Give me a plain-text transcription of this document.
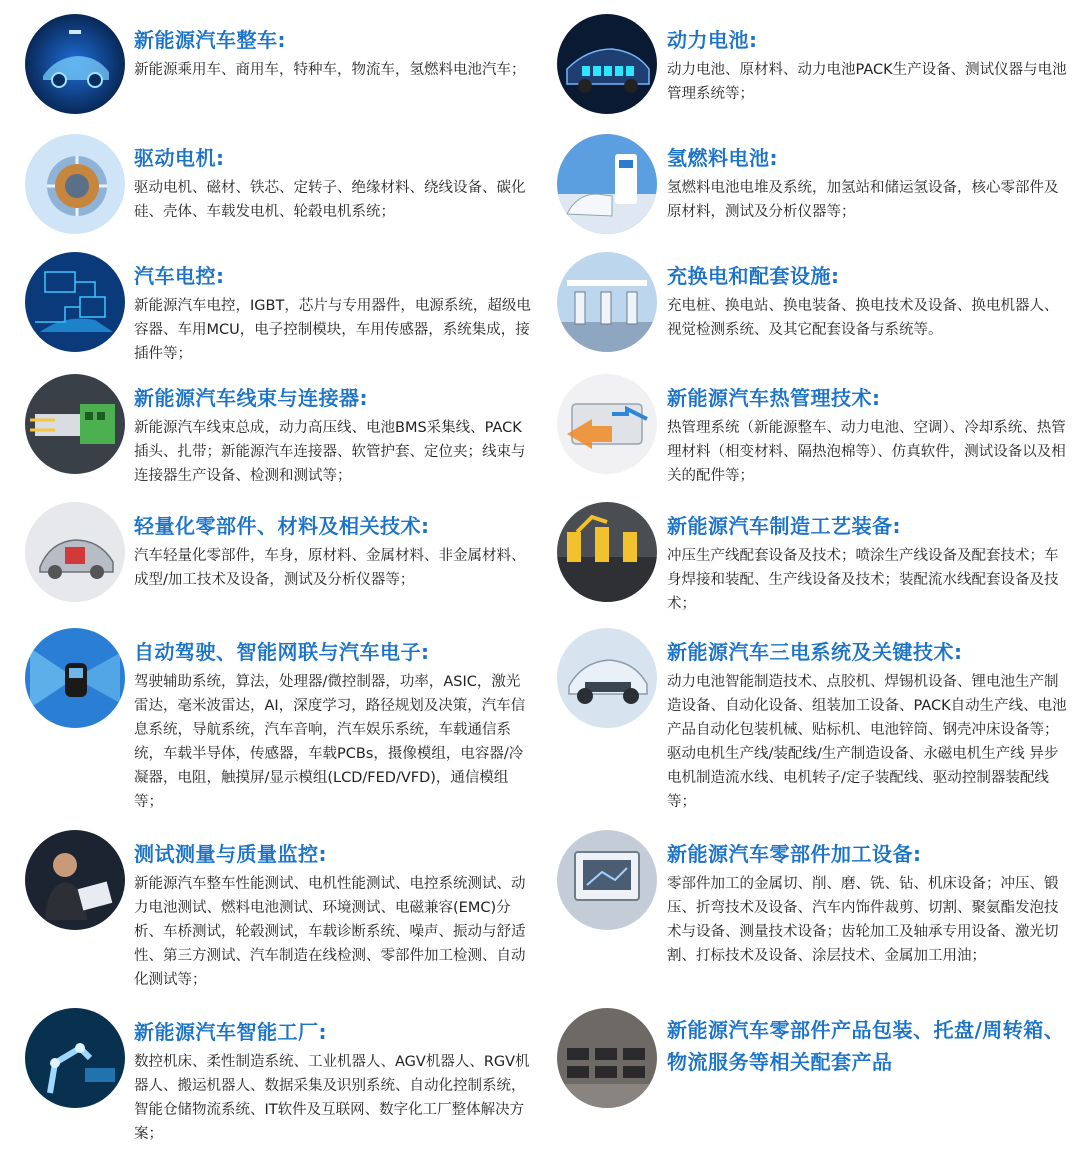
新能源汽车整车:
新能源乘用车、商用车，特种车，物流车，氢燃料电池汽车；
驱动电机:
驱动电机、磁材、铁芯、定转子、绝缘材料、绕线设备、碳化硅、壳体、车载发电机、轮毂电机系统；
汽车电控:
新能源汽车电控，IGBT，芯片与专用器件，电源系统，超级电容器、车用MCU，电子控制模块，车用传感器，系统集成，接插件等；
新能源汽车线束与连接器:
新能源汽车线束总成，动力高压线、电池BMS采集线、PACK插头、扎带；新能源汽车连接器、软管护套、定位夹；线束与连接器生产设备、检测和测试等；
轻量化零部件、材料及相关技术:
汽车轻量化零部件，车身，原材料、金属材料、非金属材料、成型/加工技术及设备，测试及分析仪器等；
自动驾驶、智能网联与汽车电子:
驾驶辅助系统，算法，处理器/微控制器，功率，ASIC，激光雷达，毫米波雷达，AI，深度学习，路径规划及决策，汽车信息系统，导航系统，汽车音响，汽车娱乐系统，车载通信系统，车载半导体，传感器，车载PCBs，摄像模组，电容器/冷凝器，电阻，触摸屏/显示模组(LCD/FED/VFD)，通信模组等；
测试测量与质量监控:
新能源汽车整车性能测试、电机性能测试、电控系统测试、动力电池测试、燃料电池测试、环境测试、电磁兼容(EMC)分析、车桥测试，轮毂测试，车载诊断系统、噪声、振动与舒适性、第三方测试、汽车制造在线检测、零部件加工检测、自动化测试等；
新能源汽车智能工厂:
数控机床、柔性制造系统、工业机器人、AGV机器人、RGV机器人、搬运机器人、数据采集及识别系统、自动化控制系统，智能仓储物流系统、IT软件及互联网、数字化工厂整体解决方案；
动力电池:
动力电池、原材料、动力电池PACK生产设备、测试仪器与电池管理系统等；
氢燃料电池:
氢燃料电池电堆及系统，加氢站和储运氢设备，核心零部件及原材料，测试及分析仪器等；
充换电和配套设施:
充电桩、换电站、换电装备、换电技术及设备、换电机器人、视觉检测系统、及其它配套设备与系统等。
新能源汽车热管理技术:
热管理系统（新能源整车、动力电池、空调）、冷却系统、热管理材料（相变材料、隔热泡棉等）、仿真软件，测试设备以及相关的配件等；
新能源汽车制造工艺装备:
冲压生产线配套设备及技术；喷涂生产线设备及配套技术；车身焊接和装配、生产线设备及技术；装配流水线配套设备及技术；
新能源汽车三电系统及关键技术:
动力电池智能制造技术、点胶机、焊锡机设备、锂电池生产制造设备、自动化设备、组装加工设备、PACK自动生产线、电池产品自动化包装机械、贴标机、电池锌筒、钢壳冲床设备等；驱动电机生产线/装配线/生产制造设备、永磁电机生产线 异步电机制造流水线、电机转子/定子装配线、驱动控制器装配线等；
新能源汽车零部件加工设备:
零部件加工的金属切、削、磨、铣、钻、机床设备；冲压、锻压、折弯技术及设备、汽车内饰件裁剪、切割、聚氨酯发泡技术与设备、测量技术设备；齿轮加工及轴承专用设备、激光切割、打标技术及设备、涂层技术、金属加工用油；
新能源汽车零部件产品包装、托盘/周转箱、物流服务等相关配套产品
